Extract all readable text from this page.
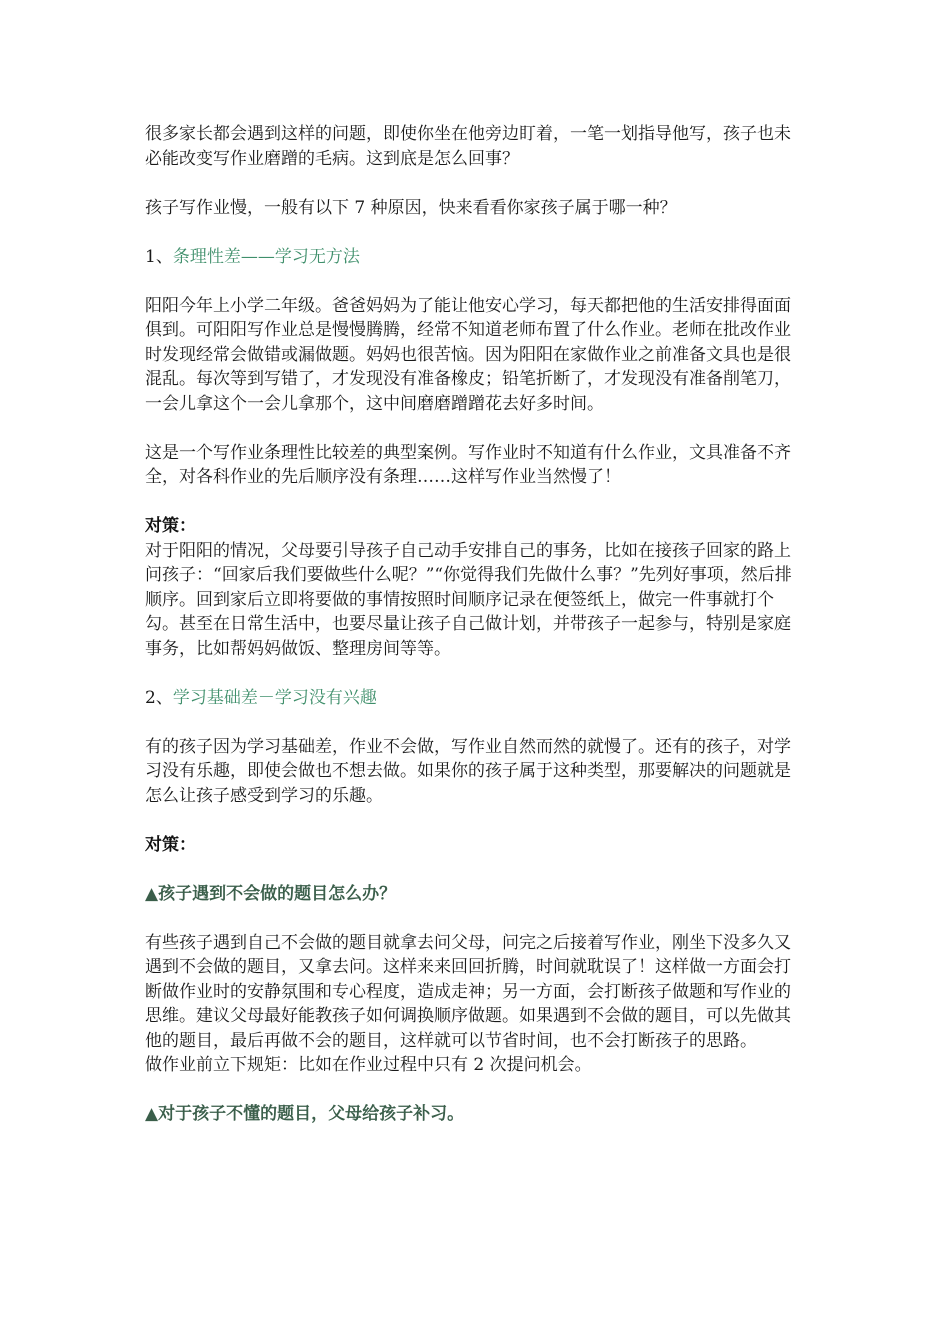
很多家长都会遇到这样的问题，即使你坐在他旁边盯着，一笔一划指导他写，孩子也未必能改变写作业磨蹭的毛病。这到底是怎么回事？

孩子写作业慢，一般有以下 7 种原因，快来看看你家孩子属于哪一种？

1、条理性差——学习无方法

阳阳今年上小学二年级。爸爸妈妈为了能让他安心学习，每天都把他的生活安排得面面俱到。可阳阳写作业总是慢慢腾腾，经常不知道老师布置了什么作业。老师在批改作业时发现经常会做错或漏做题。妈妈也很苦恼。因为阳阳在家做作业之前准备文具也是很混乱。每次等到写错了，才发现没有准备橡皮；铅笔折断了，才发现没有准备削笔刀，一会儿拿这个一会儿拿那个，这中间磨磨蹭蹭花去好多时间。

这是一个写作业条理性比较差的典型案例。写作业时不知道有什么作业，文具准备不齐全，对各科作业的先后顺序没有条理……这样写作业当然慢了！

对策：

对于阳阳的情况，父母要引导孩子自己动手安排自己的事务，比如在接孩子回家的路上问孩子：“回家后我们要做些什么呢？”“你觉得我们先做什么事？”先列好事项，然后排顺序。回到家后立即将要做的事情按照时间顺序记录在便签纸上，做完一件事就打个勾。甚至在日常生活中，也要尽量让孩子自己做计划，并带孩子一起参与，特别是家庭事务，比如帮妈妈做饭、整理房间等等。

2、学习基础差－学习没有兴趣

有的孩子因为学习基础差，作业不会做，写作业自然而然的就慢了。还有的孩子，对学习没有乐趣，即使会做也不想去做。如果你的孩子属于这种类型，那要解决的问题就是怎么让孩子感受到学习的乐趣。

对策：

▲孩子遇到不会做的题目怎么办？

有些孩子遇到自己不会做的题目就拿去问父母，问完之后接着写作业，刚坐下没多久又遇到不会做的题目，又拿去问。这样来来回回折腾，时间就耽误了！这样做一方面会打断做作业时的安静氛围和专心程度，造成走神；另一方面，会打断孩子做题和写作业的思维。建议父母最好能教孩子如何调换顺序做题。如果遇到不会做的题目，可以先做其他的题目，最后再做不会的题目，这样就可以节省时间，也不会打断孩子的思路。

做作业前立下规矩：比如在作业过程中只有 2 次提问机会。

▲对于孩子不懂的题目，父母给孩子补习。
